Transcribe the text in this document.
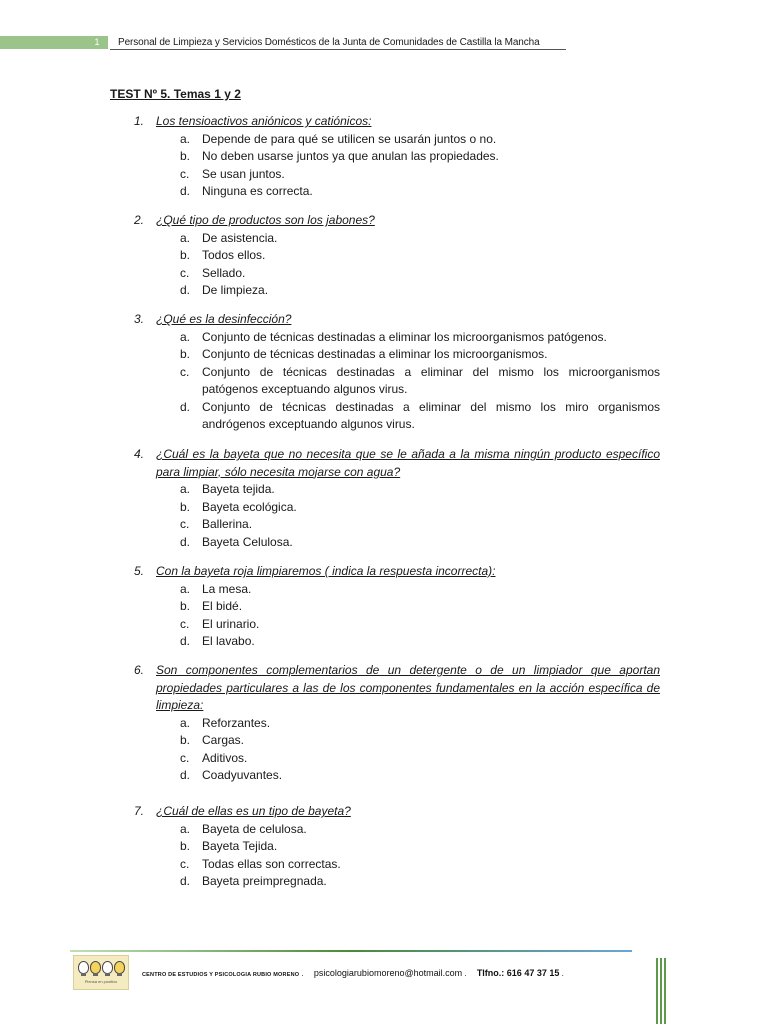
1	Personal de Limpieza y Servicios Domésticos de la Junta de Comunidades de Castilla la Mancha
TEST Nº 5. Temas 1 y 2
1. Los tensioactivos aniónicos y catiónicos:
a. Depende de para qué se utilicen se usarán juntos o no.
b. No deben usarse juntos ya que anulan las propiedades.
c.	Se usan juntos.
d. Ninguna es correcta.
2. ¿Qué tipo de productos son los jabones?
a. De asistencia.
b. Todos ellos.
c.	Sellado.
d. De limpieza.
3. ¿Qué es la desinfección?
a. Conjunto de técnicas destinadas a eliminar los microorganismos patógenos.
b. Conjunto de técnicas destinadas a eliminar los microorganismos.
c.	Conjunto de técnicas destinadas a eliminar del mismo los microorganismos patógenos exceptuando algunos virus.
d. Conjunto de técnicas destinadas a eliminar del mismo los miro organismos andrógenos exceptuando algunos virus.
4. ¿Cuál es la bayeta que no necesita que se le añada a la misma ningún producto específico para limpiar, sólo necesita mojarse con agua?
a. Bayeta tejida.
b. Bayeta ecológica.
c.	Ballerina.
d. Bayeta Celulosa.
5. Con la bayeta roja limpiaremos ( indica la respuesta incorrecta):
a. La mesa.
b. El bidé.
c.	El urinario.
d. El lavabo.
6. Son componentes complementarios de un detergente o de un limpiador que aportan propiedades particulares a las de los componentes fundamentales en la acción específica de limpieza:
a. Reforzantes.
b. Cargas.
c.	Aditivos.
d. Coadyuvantes.
7. ¿Cuál de ellas es un tipo de bayeta?
a. Bayeta de celulosa.
b. Bayeta Tejida.
c.	Todas ellas son correctas.
d. Bayeta preimpregnada.
Piensa en positivo
CENTRO DE ESTUDIOS Y PSICOLOGIA RUBIO MORENO . psicologiarubiomoreno@hotmail.com . Tlfno.: 616 47 37 15 .
